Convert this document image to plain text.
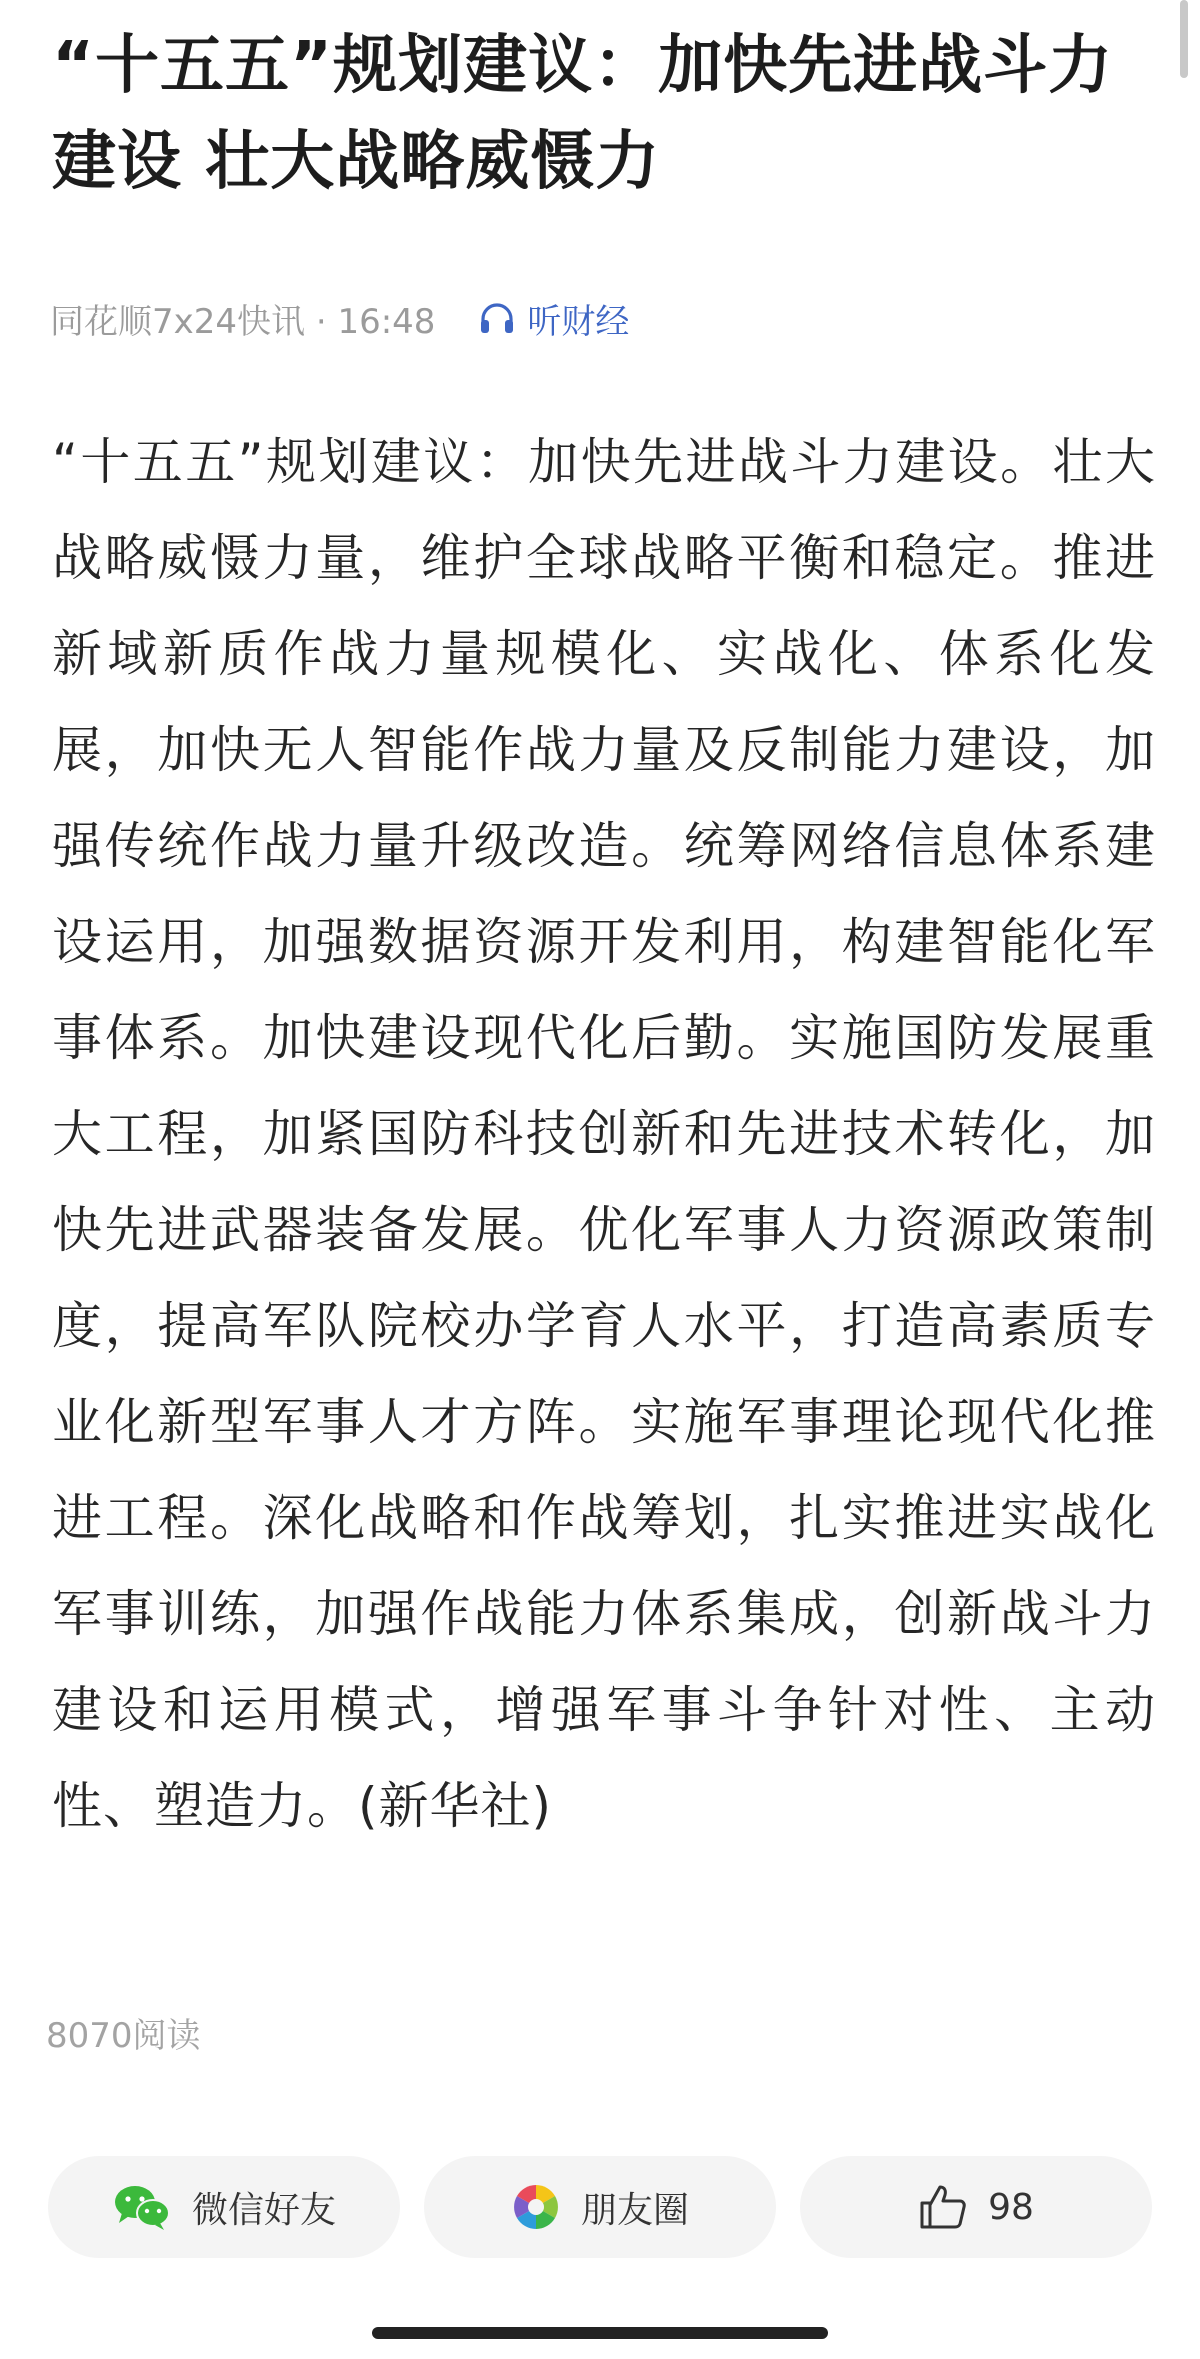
“十五五”规划建议：加快先进战斗力建设 壮大战略威慑力
同花顺7x24快讯 · 16:48	听财经

“十五五”规划建议：加快先进战斗力建设。壮大战略威慑力量，维护全球战略平衡和稳定。推进新域新质作战力量规模化、实战化、体系化发展，加快无人智能作战力量及反制能力建设，加强传统作战力量升级改造。统筹网络信息体系建设运用，加强数据资源开发利用，构建智能化军事体系。加快建设现代化后勤。实施国防发展重大工程，加紧国防科技创新和先进技术转化，加快先进武器装备发展。优化军事人力资源政策制度，提高军队院校办学育人水平，打造高素质专业化新型军事人才方阵。实施军事理论现代化推进工程。深化战略和作战筹划，扎实推进实战化军事训练，加强作战能力体系集成，创新战斗力建设和运用模式，增强军事斗争针对性、主动性、塑造力。(新华社)

8070阅读
微信好友	朋友圈	98
